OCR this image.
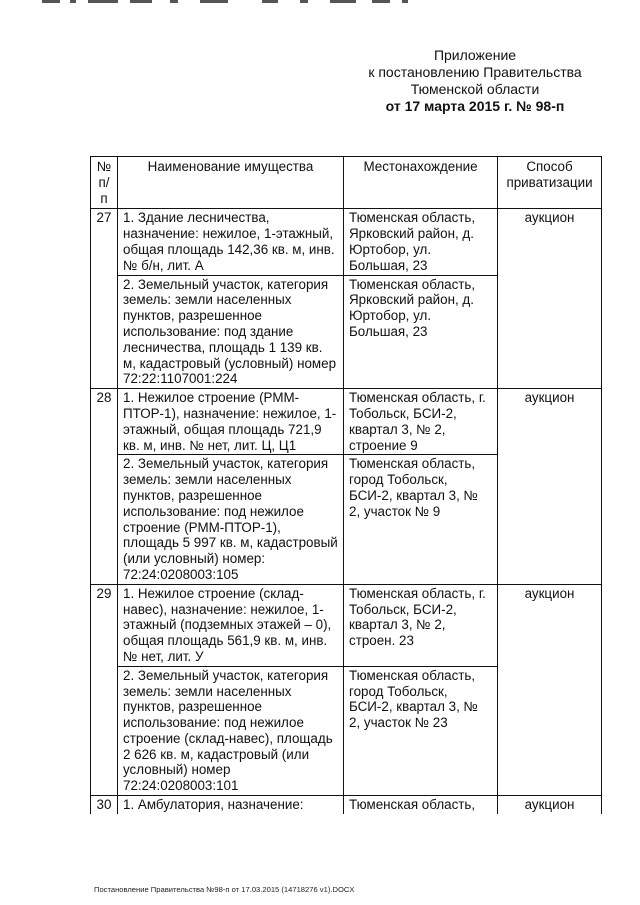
Приложение
к постановлению Правительства
Тюменской области
от 17 марта 2015 г. № 98-п
№ п/п	Наименование имущества	Местонахождение	Способ приватизации
27	1. Здание лесничества, назначение: нежилое, 1-этажный, общая площадь 142,36 кв. м, инв. № б/н, лит. А	Тюменская область, Ярковский район, д. Юртобор, ул. Большая, 23	аукцион
	2. Земельный участок, категория земель: земли населенных пунктов, разрешенное использование: под здание лесничества, площадь 1 139 кв. м, кадастровый (условный) номер 72:22:1107001:224	Тюменская область, Ярковский район, д. Юртобор, ул. Большая, 23	
28	1. Нежилое строение (РММ-ПТОР-1), назначение: нежилое, 1-этажный, общая площадь 721,9 кв. м, инв. № нет, лит. Ц, Ц1	Тюменская область, г. Тобольск, БСИ-2, квартал 3, № 2, строение 9	аукцион
	2. Земельный участок, категория земель: земли населенных пунктов, разрешенное использование: под нежилое строение (РММ-ПТОР-1), площадь 5 997 кв. м, кадастровый (или условный) номер: 72:24:0208003:105	Тюменская область, город Тобольск, БСИ-2, квартал 3, № 2, участок № 9	
29	1. Нежилое строение (склад-навес), назначение: нежилое, 1-этажный (подземных этажей – 0), общая площадь 561,9 кв. м, инв. № нет, лит. У	Тюменская область, г. Тобольск, БСИ-2, квартал 3, № 2, строен. 23	аукцион
	2. Земельный участок, категория земель: земли населенных пунктов, разрешенное использование: под нежилое строение (склад-навес), площадь 2 626 кв. м, кадастровый (или условный) номер 72:24:0208003:101	Тюменская область, город Тобольск, БСИ-2, квартал 3, № 2, участок № 23	
30	1. Амбулатория, назначение:	Тюменская область,	аукцион
Постановление Правительства №98-п от 17.03.2015 (14718276 v1).DOCX
